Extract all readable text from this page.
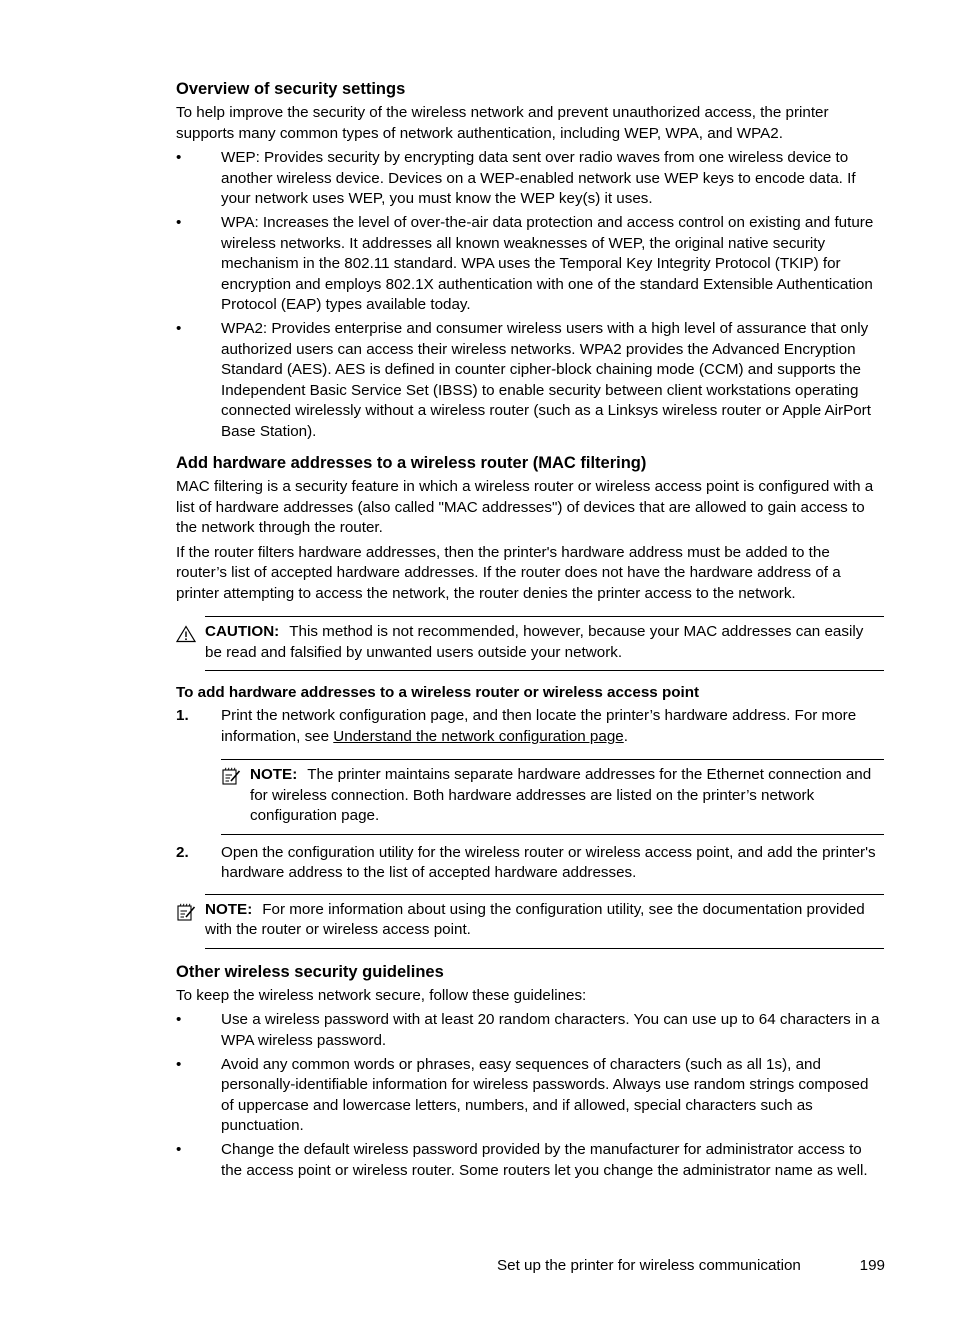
Overview of security settings

To help improve the security of the wireless network and prevent unauthorized access, the printer supports many common types of network authentication, including WEP, WPA, and WPA2.

•	WEP: Provides security by encrypting data sent over radio waves from one wireless device to another wireless device. Devices on a WEP-enabled network use WEP keys to encode data. If your network uses WEP, you must know the WEP key(s) it uses.
•	WPA: Increases the level of over-the-air data protection and access control on existing and future wireless networks. It addresses all known weaknesses of WEP, the original native security mechanism in the 802.11 standard. WPA uses the Temporal Key Integrity Protocol (TKIP) for encryption and employs 802.1X authentication with one of the standard Extensible Authentication Protocol (EAP) types available today.
•	WPA2: Provides enterprise and consumer wireless users with a high level of assurance that only authorized users can access their wireless networks. WPA2 provides the Advanced Encryption Standard (AES). AES is defined in counter cipher-block chaining mode (CCM) and supports the Independent Basic Service Set (IBSS) to enable security between client workstations operating connected wirelessly without a wireless router (such as a Linksys wireless router or Apple AirPort Base Station).
Add hardware addresses to a wireless router (MAC filtering)

MAC filtering is a security feature in which a wireless router or wireless access point is configured with a list of hardware addresses (also called "MAC addresses") of devices that are allowed to gain access to the network through the router.

If the router filters hardware addresses, then the printer's hardware address must be added to the router’s list of accepted hardware addresses. If the router does not have the hardware address of a printer attempting to access the network, the router denies the printer access to the network.

CAUTION: This method is not recommended, however, because your MAC addresses can easily be read and falsified by unwanted users outside your network.
To add hardware addresses to a wireless router or wireless access point
1. Print the network configuration page, and then locate the printer’s hardware address. For more information, see Understand the network configuration page.
NOTE: The printer maintains separate hardware addresses for the Ethernet connection and for wireless connection. Both hardware addresses are listed on the printer’s network configuration page.
2. Open the configuration utility for the wireless router or wireless access point, and add the printer's hardware address to the list of accepted hardware addresses.
NOTE: For more information about using the configuration utility, see the documentation provided with the router or wireless access point.
Other wireless security guidelines

To keep the wireless network secure, follow these guidelines:

•	Use a wireless password with at least 20 random characters. You can use up to 64 characters in a WPA wireless password.
•	Avoid any common words or phrases, easy sequences of characters (such as all 1s), and personally-identifiable information for wireless passwords. Always use random strings composed of uppercase and lowercase letters, numbers, and if allowed, special characters such as punctuation.
•	Change the default wireless password provided by the manufacturer for administrator access to the access point or wireless router. Some routers let you change the administrator name as well.
Set up the printer for wireless communication	199
